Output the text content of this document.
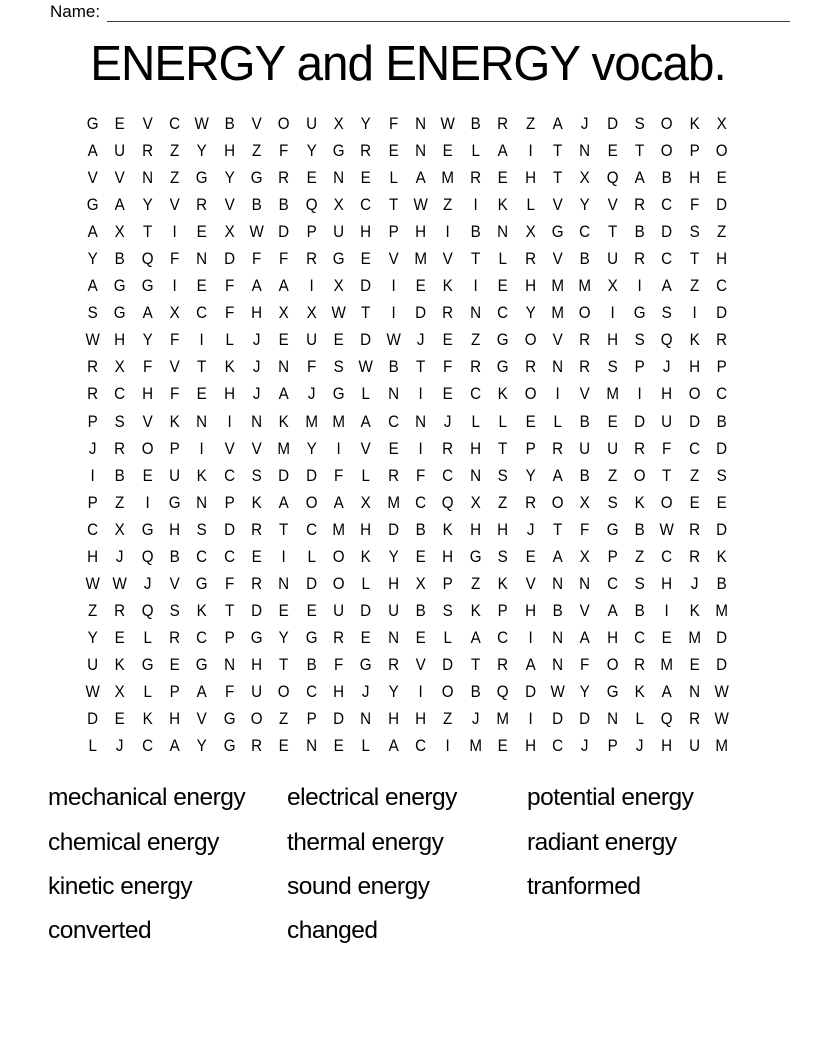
Name:
ENERGY and ENERGY vocab.
G E	V	C W B	V O U	X	Y	F	N W B	R	Z	A	J	D	S O K	X
A	U R	Z	Y	H	Z	F	Y G R	E	N	E	L	A	I	T	N	E	T	O P O
V	V	N	Z	G Y G R	E	N	E	L	A M R	E	H	T	X Q A	B	H	E
G A	Y	V	R	V	B	B Q X	C	T W Z	I	K	L	V	Y	V	R C	F	D
A	X	T	I	E	X W D	P	U H	P	H	I	B	N	X G C	T	B	D	S	Z
Y	B Q	F	N D	F	F	R G E	V M V	T	L	R	V	B	U R C	T	H
A G G	I	E	F	A	A	I	X	D	I	E	K	I	E	H M M X	I	A	Z	C
S G A	X	C	F	H	X	X W T	I	D R N C	Y M O	I	G S	I	D
W H	Y	F	I	L	J	E	U	E	D W J	E	Z	G O V	R H	S Q K	R
R	X	F	V	T	K	J	N	F	S W B	T	F	R G R N R	S	P	J	H	P
R C H	F	E	H	J	A	J	G	L	N	I	E	C	K O	I	V M	I	H O C
P	S	V	K	N	I	N	K M M A	C N	J	L	L	E	L	B	E	D U D	B
J	R O P	I	V	V M Y	I	V	E	I	R H	T	P	R U U R	F	C D
I	B	E	U	K	C	S	D D	F	L	R	F	C N	S	Y	A	B	Z	O	T	Z	S
P	Z	I	G N	P	K	A O A	X M C Q X	Z	R O X	S	K O E	E
C	X G H	S	D R	T	C M H D	B	K	H H	J	T	F	G B W R D
H	J	Q B	C C	E	I	L	O K	Y	E	H G S	E	A	X	P	Z	C R	K
W W J	V G	F	R N D O	L	H	X	P	Z	K	V	N N C	S	H	J	B
Z	R Q S	K	T	D	E	E	U D U	B	S	K	P	H	B	V	A	B	I	K M
Y	E	L	R C	P G Y G R	E	N	E	L	A	C	I	N	A	H C	E M D
U	K G E G N H	T	B	F	G R	V	D	T	R	A	N	F	O R M E	D
W X	L	P	A	F	U O C H	J	Y	I	O B Q D W Y G K	A	N W
D	E	K	H	V G O	Z	P	D N H H	Z	J	M	I	D D N	L	Q R W
L	J	C	A	Y G R	E	N	E	L	A	C	I	M E	H C	J	P	J	H U M
mechanical energy	electrical energy	potential energy
chemical energy	thermal energy	radiant energy
kinetic energy	sound energy	tranformed
converted	changed
